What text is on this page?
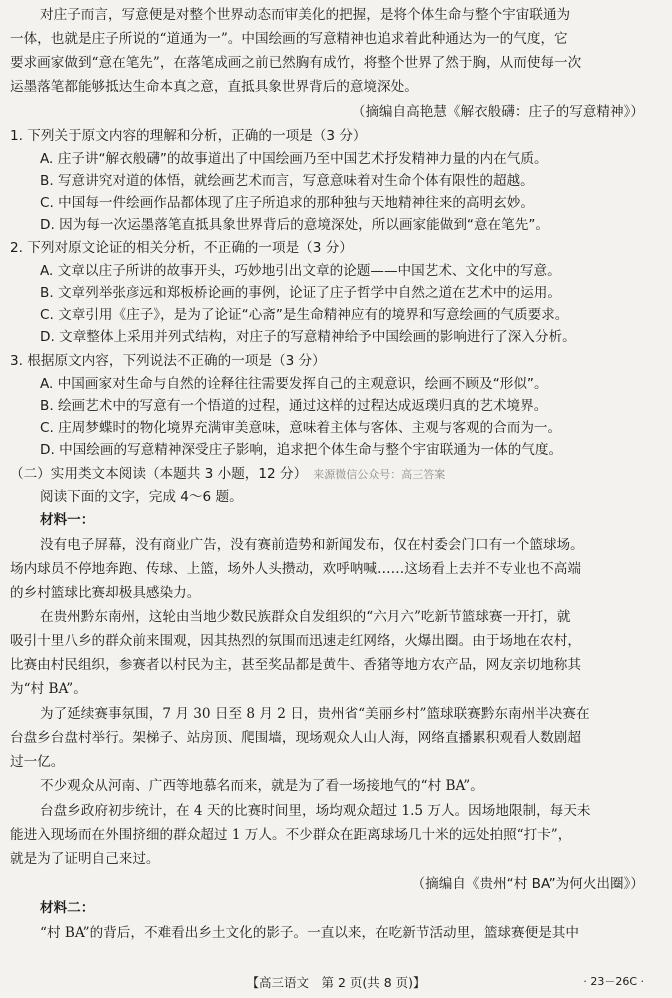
对庄子而言，写意便是对整个世界动态而审美化的把握，是将个体生命与整个宇宙联通为
一体，也就是庄子所说的“道通为一”。中国绘画的写意精神也追求着此种通达为一的气度，它
要求画家做到“意在笔先”，在落笔成画之前已然胸有成竹，将整个世界了然于胸，从而使每一次
运墨落笔都能够抵达生命本真之意，直抵具象世界背后的意境深处。
（摘编自高艳慧《解衣般礴：庄子的写意精神》）
1. 下列关于原文内容的理解和分析，正确的一项是（3 分）
A. 庄子讲“解衣般礴”的故事道出了中国绘画乃至中国艺术抒发精神力量的内在气质。
B. 写意讲究对道的体悟，就绘画艺术而言，写意意味着对生命个体有限性的超越。
C. 中国每一件绘画作品都体现了庄子所追求的那种独与天地精神往来的高明玄妙。
D. 因为每一次运墨落笔直抵具象世界背后的意境深处，所以画家能做到“意在笔先”。
2. 下列对原文论证的相关分析，不正确的一项是（3 分）
A. 文章以庄子所讲的故事开头，巧妙地引出文章的论题——中国艺术、文化中的写意。
B. 文章列举张彦远和郑板桥论画的事例，论证了庄子哲学中自然之道在艺术中的运用。
C. 文章引用《庄子》，是为了论证“心斋”是生命精神应有的境界和写意绘画的气质要求。
D. 文章整体上采用并列式结构，对庄子的写意精神给予中国绘画的影响进行了深入分析。
3. 根据原文内容，下列说法不正确的一项是（3 分）
A. 中国画家对生命与自然的诠释往往需要发挥自己的主观意识，绘画不顾及“形似”。
B. 绘画艺术中的写意有一个悟道的过程，通过这样的过程达成返璞归真的艺术境界。
C. 庄周梦蝶时的物化境界充满审美意味，意味着主体与客体、主观与客观的合而为一。
D. 中国绘画的写意精神深受庄子影响，追求把个体生命与整个宇宙联通为一体的气度。
（二）实用类文本阅读（本题共 3 小题，12 分） 来源微信公众号：高三答案
阅读下面的文字，完成 4～6 题。
材料一：
没有电子屏幕，没有商业广告，没有赛前造势和新闻发布，仅在村委会门口有一个篮球场。
场内球员不停地奔跑、传球、上篮，场外人头攒动，欢呼呐喊……这场看上去并不专业也不高端
的乡村篮球比赛却极具感染力。
在贵州黔东南州，这轮由当地少数民族群众自发组织的“六月六”吃新节篮球赛一开打，就
吸引十里八乡的群众前来围观，因其热烈的氛围而迅速走红网络，火爆出圈。由于场地在农村，
比赛由村民组织，参赛者以村民为主，甚至奖品都是黄牛、香猪等地方农产品，网友亲切地称其
为“村 BA”。
为了延续赛事氛围，7 月 30 日至 8 月 2 日，贵州省“美丽乡村”篮球联赛黔东南州半决赛在
台盘乡台盘村举行。架梯子、站房顶、爬围墙，现场观众人山人海，网络直播累积观看人数剧超
过一亿。
不少观众从河南、广西等地慕名而来，就是为了看一场接地气的“村 BA”。
台盘乡政府初步统计，在 4 天的比赛时间里，场均观众超过 1.5 万人。因场地限制，每天未
能进入现场而在外围挤细的群众超过 1 万人。不少群众在距离球场几十米的远处拍照“打卡”，
就是为了证明自己来过。
（摘编自《贵州“村 BA”为何火出圈》）
材料二：
“村 BA”的背后，不难看出乡土文化的影子。一直以来，在吃新节活动里，篮球赛便是其中
【高三语文　第 2 页(共 8 页)】	· 23－26C ·
